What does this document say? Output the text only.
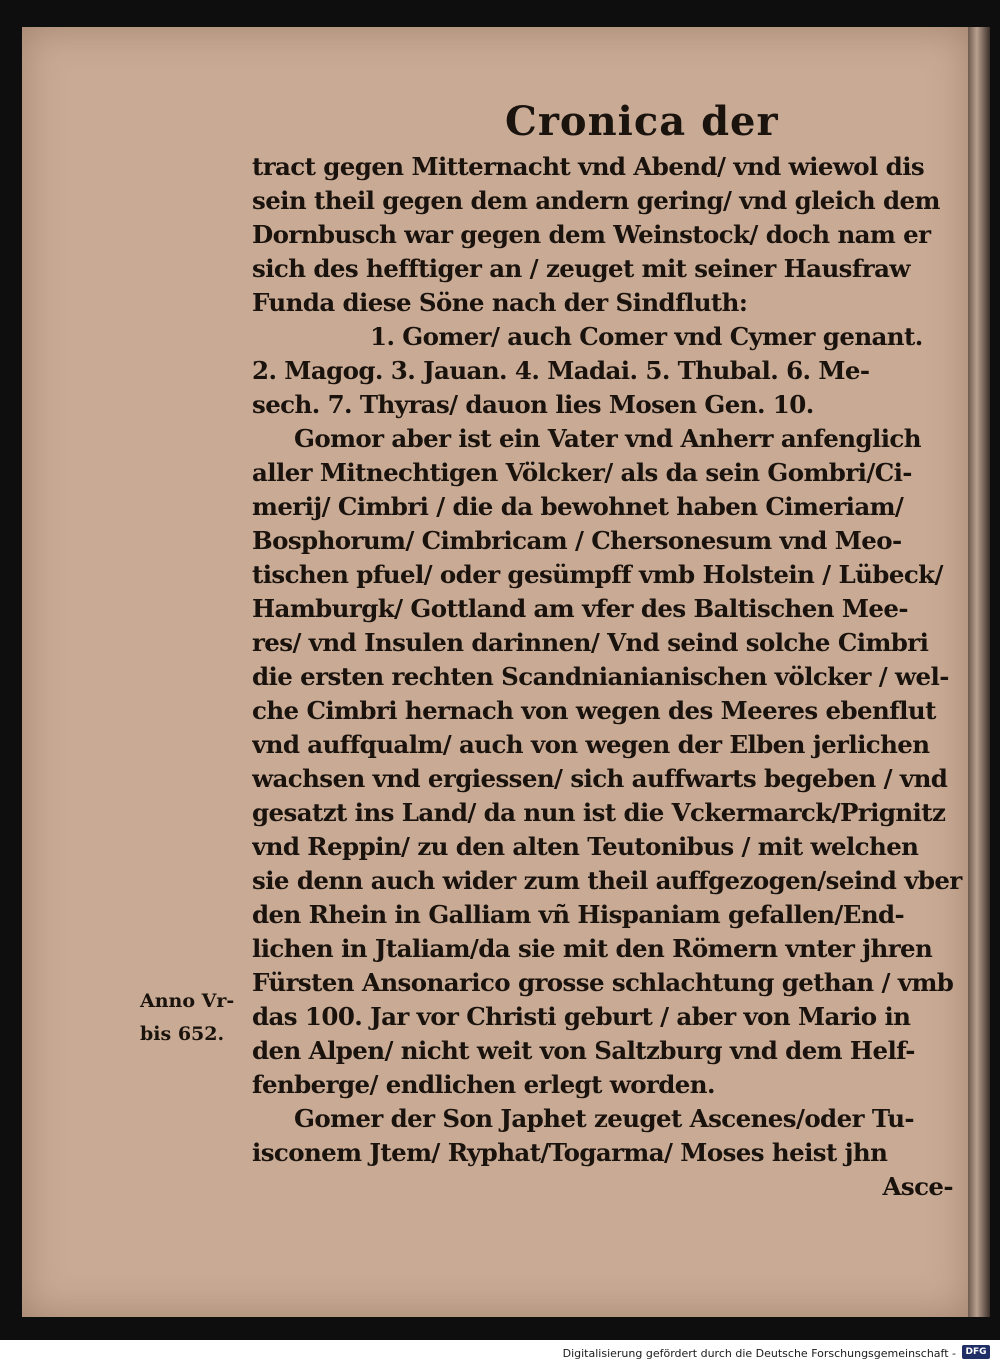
Cronica der
tract gegen Mitternacht vnd Abend/ vnd wiewol dis
sein theil gegen dem andern gering/ vnd gleich dem
Dornbusch war gegen dem Weinstock/ doch nam er
sich des hefftiger an / zeuget mit seiner Hausfraw
Funda diese Söne nach der Sindfluth:
1. Gomer/ auch Comer vnd Cymer genant.
2. Magog. 3. Jauan. 4. Madai. 5. Thubal. 6. Me-
sech. 7. Thyras/ dauon lies Mosen Gen. 10.
Gomor aber ist ein Vater vnd Anherr anfenglich
aller Mitnechtigen Völcker/ als da sein Gombri/Ci-
merij/ Cimbri / die da bewohnet haben Cimeriam/
Bosphorum/ Cimbricam / Chersonesum vnd Meo-
tischen pfuel/ oder gesümpff vmb Holstein / Lübeck/
Hamburgk/ Gottland am vfer des Baltischen Mee-
res/ vnd Insulen darinnen/ Vnd seind solche Cimbri
die ersten rechten Scandnianianischen völcker / wel-
che Cimbri hernach von wegen des Meeres ebenflut
vnd auffqualm/ auch von wegen der Elben jerlichen
wachsen vnd ergiessen/ sich auffwarts begeben / vnd
gesatzt ins Land/ da nun ist die Vckermarck/Prignitz
vnd Reppin/ zu den alten Teutonibus / mit welchen
sie denn auch wider zum theil auffgezogen/seind vber
den Rhein in Galliam vñ Hispaniam gefallen/End-
lichen in Jtaliam/da sie mit den Römern vnter jhren
Fürsten Ansonarico grosse schlachtung gethan / vmb
das 100. Jar vor Christi geburt / aber von Mario in
den Alpen/ nicht weit von Saltzburg vnd dem Helf-
fenberge/ endlichen erlegt worden.
Gomer der Son Japhet zeuget Ascenes/oder Tu-
isconem Jtem/ Ryphat/Togarma/ Moses heist jhn
Asce-
Anno Vr-
bis 652.
Digitalisierung gefördert durch die Deutsche Forschungsgemeinschaft -	DFG
